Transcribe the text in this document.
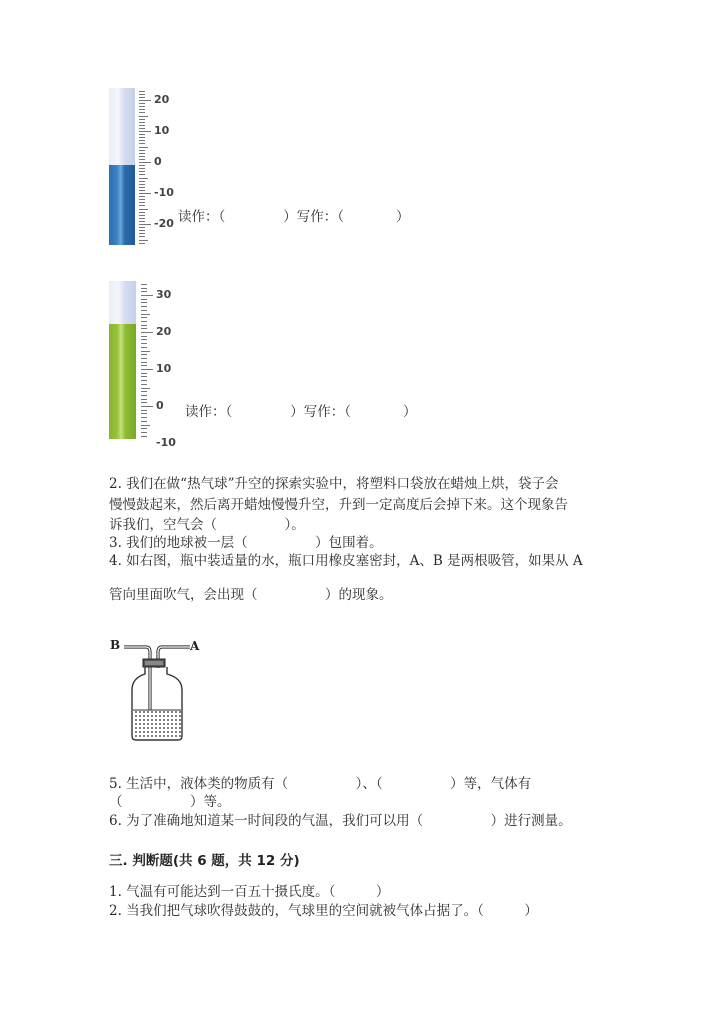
20
10
0
-10
-20 读作：（	）写作：（	）
30
20
10
0
-10
读作：（	）写作：（	）
2. 我们在做“热气球”升空的探索实验中，将塑料口袋放在蜡烛上烘，袋子会
慢慢鼓起来，然后离开蜡烛慢慢升空，升到一定高度后会掉下来。这个现象告
诉我们，空气会（　　　　　）。
3. 我们的地球被一层（　　　　　）包围着。
4. 如右图，瓶中装适量的水，瓶口用橡皮塞密封，A、B 是两根吸管，如果从 A
管向里面吹气，会出现（　　　　　）的现象。
B	A
5. 生活中，液体类的物质有（　　　　　）、（　　　　　）等，气体有
（　　　　　）等。
6. 为了准确地知道某一时间段的气温，我们可以用（　　　　　）进行测量。
三. 判断题(共 6 题，共 12 分)
1. 气温有可能达到一百五十摄氏度。（　　　）
2. 当我们把气球吹得鼓鼓的，气球里的空间就被气体占据了。（　　　）
